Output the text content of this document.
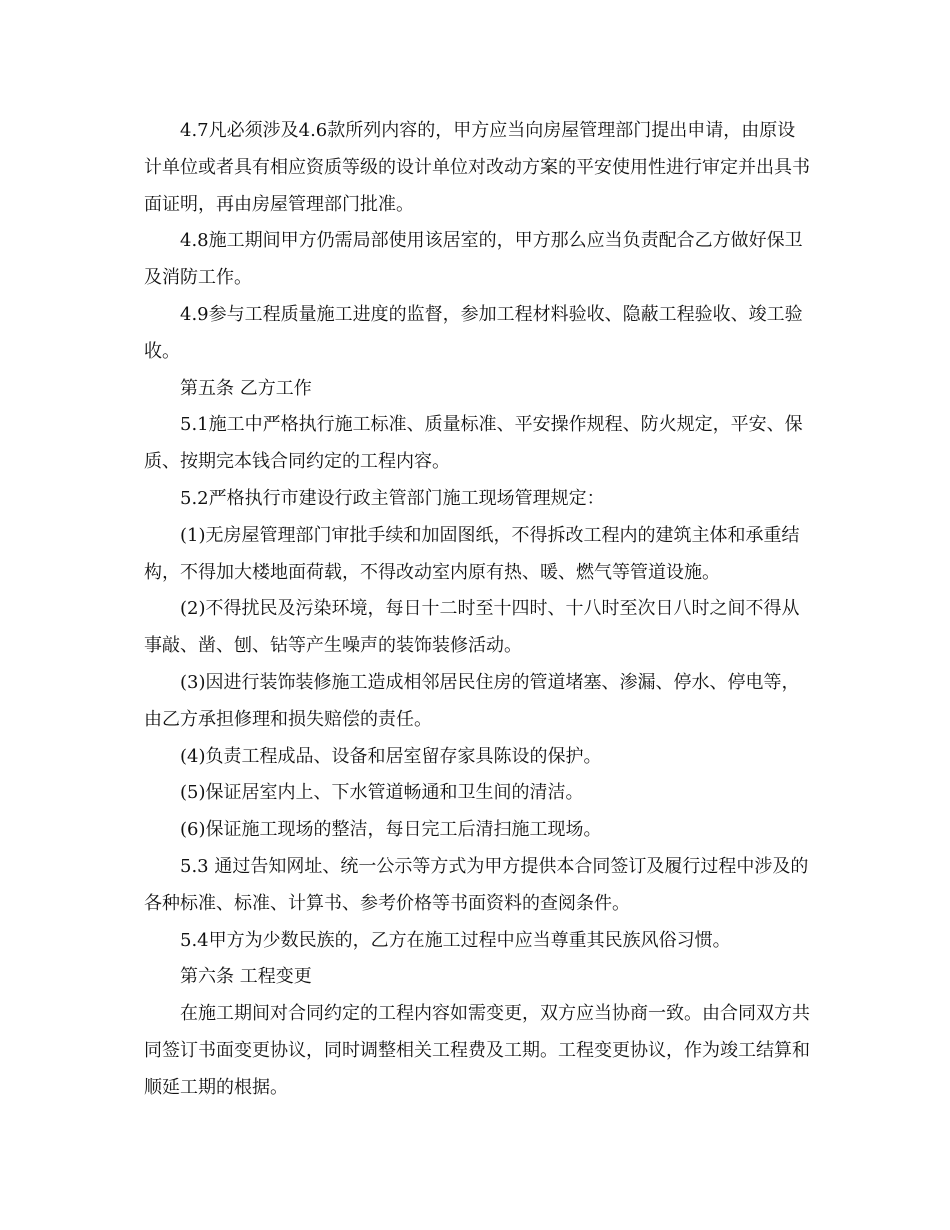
4.7凡必须涉及4.6款所列内容的，甲方应当向房屋管理部门提出申请，由原设计单位或者具有相应资质等级的设计单位对改动方案的平安使用性进行审定并出具书面证明，再由房屋管理部门批准。

4.8施工期间甲方仍需局部使用该居室的，甲方那么应当负责配合乙方做好保卫及消防工作。

4.9参与工程质量施工进度的监督，参加工程材料验收、隐蔽工程验收、竣工验收。

第五条 乙方工作

5.1施工中严格执行施工标准、质量标准、平安操作规程、防火规定，平安、保质、按期完本钱合同约定的工程内容。

5.2严格执行市建设行政主管部门施工现场管理规定：

(1)无房屋管理部门审批手续和加固图纸，不得拆改工程内的建筑主体和承重结构，不得加大楼地面荷载，不得改动室内原有热、暖、燃气等管道设施。

(2)不得扰民及污染环境，每日十二时至十四时、十八时至次日八时之间不得从事敲、凿、刨、钻等产生噪声的装饰装修活动。

(3)因进行装饰装修施工造成相邻居民住房的管道堵塞、渗漏、停水、停电等，由乙方承担修理和损失赔偿的责任。

(4)负责工程成品、设备和居室留存家具陈设的保护。

(5)保证居室内上、下水管道畅通和卫生间的清洁。

(6)保证施工现场的整洁，每日完工后清扫施工现场。

5.3 通过告知网址、统一公示等方式为甲方提供本合同签订及履行过程中涉及的各种标准、标准、计算书、参考价格等书面资料的查阅条件。

5.4甲方为少数民族的，乙方在施工过程中应当尊重其民族风俗习惯。

第六条 工程变更

在施工期间对合同约定的工程内容如需变更，双方应当协商一致。由合同双方共同签订书面变更协议，同时调整相关工程费及工期。工程变更协议，作为竣工结算和顺延工期的根据。
